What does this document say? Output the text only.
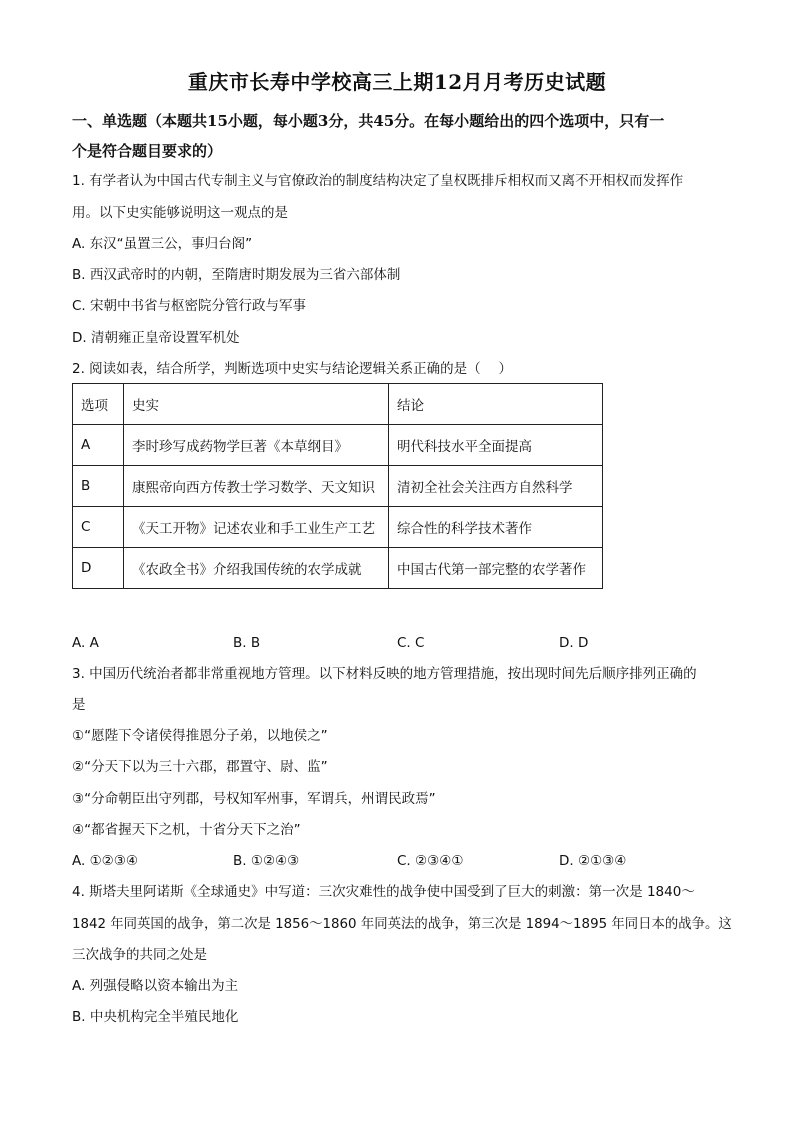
重庆市长寿中学校高三上期12月月考历史试题
一、单选题（本题共15小题，每小题3分，共45分。在每小题给出的四个选项中，只有一
个是符合题目要求的）
1. 有学者认为中国古代专制主义与官僚政治的制度结构决定了皇权既排斥相权而又离不开相权而发挥作
用。以下史实能够说明这一观点的是
A. 东汉“虽置三公，事归台阁”
B. 西汉武帝时的内朝，至隋唐时期发展为三省六部体制
C. 宋朝中书省与枢密院分管行政与军事
D. 清朝雍正皇帝设置军机处
2. 阅读如表，结合所学，判断选项中史实与结论逻辑关系正确的是（　 ）
选项	史实	结论
A	李时珍写成药物学巨著《本草纲目》	明代科技水平全面提高
B	康熙帝向西方传教士学习数学、天文知识	清初全社会关注西方自然科学
C	《天工开物》记述农业和手工业生产工艺	综合性的科学技术著作
D	《农政全书》介绍我国传统的农学成就	中国古代第一部完整的农学著作
A. A	B. B	C. C	D. D
3. 中国历代统治者都非常重视地方管理。以下材料反映的地方管理措施，按出现时间先后顺序排列正确的
是
①“愿陛下令诸侯得推恩分子弟，以地侯之”
②“分天下以为三十六郡，郡置守、尉、监”
③“分命朝臣出守列郡，号权知军州事，军谓兵，州谓民政焉”
④“都省握天下之机，十省分天下之治”
A. ①②③④	B. ①②④③	C. ②③④①	D. ②①③④
4. 斯塔夫里阿诺斯《全球通史》中写道：三次灾难性的战争使中国受到了巨大的刺激：第一次是 1840～
1842 年同英国的战争，第二次是 1856～1860 年同英法的战争，第三次是 1894～1895 年同日本的战争。这
三次战争的共同之处是
A. 列强侵略以资本输出为主
B. 中央机构完全半殖民地化
